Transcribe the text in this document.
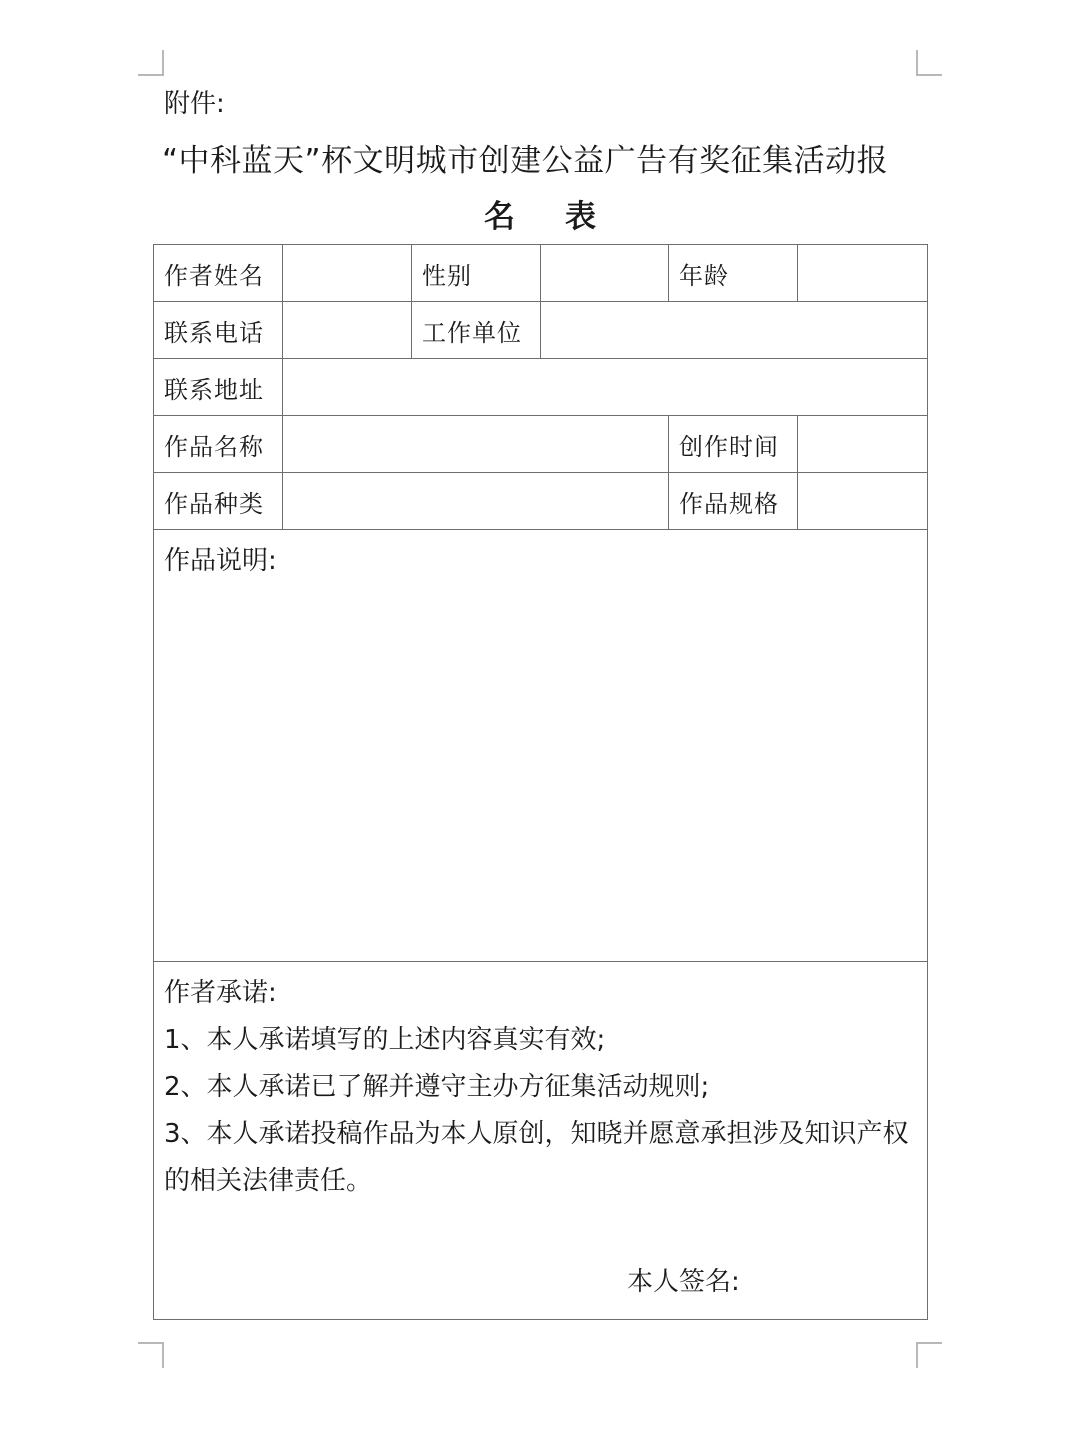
附件:
“中科蓝天”杯文明城市创建公益广告有奖征集活动报
名表
作者姓名		性别		年龄	
联系电话		工作单位			
联系地址					
作品名称				创作时间	
作品种类				作品规格	
作品说明:					

作者承诺:
1、本人承诺填写的上述内容真实有效;
2、本人承诺已了解并遵守主办方征集活动规则;
3、本人承诺投稿作品为本人原创，知晓并愿意承担涉及知识产权的相关法律责任。
本人签名:					
